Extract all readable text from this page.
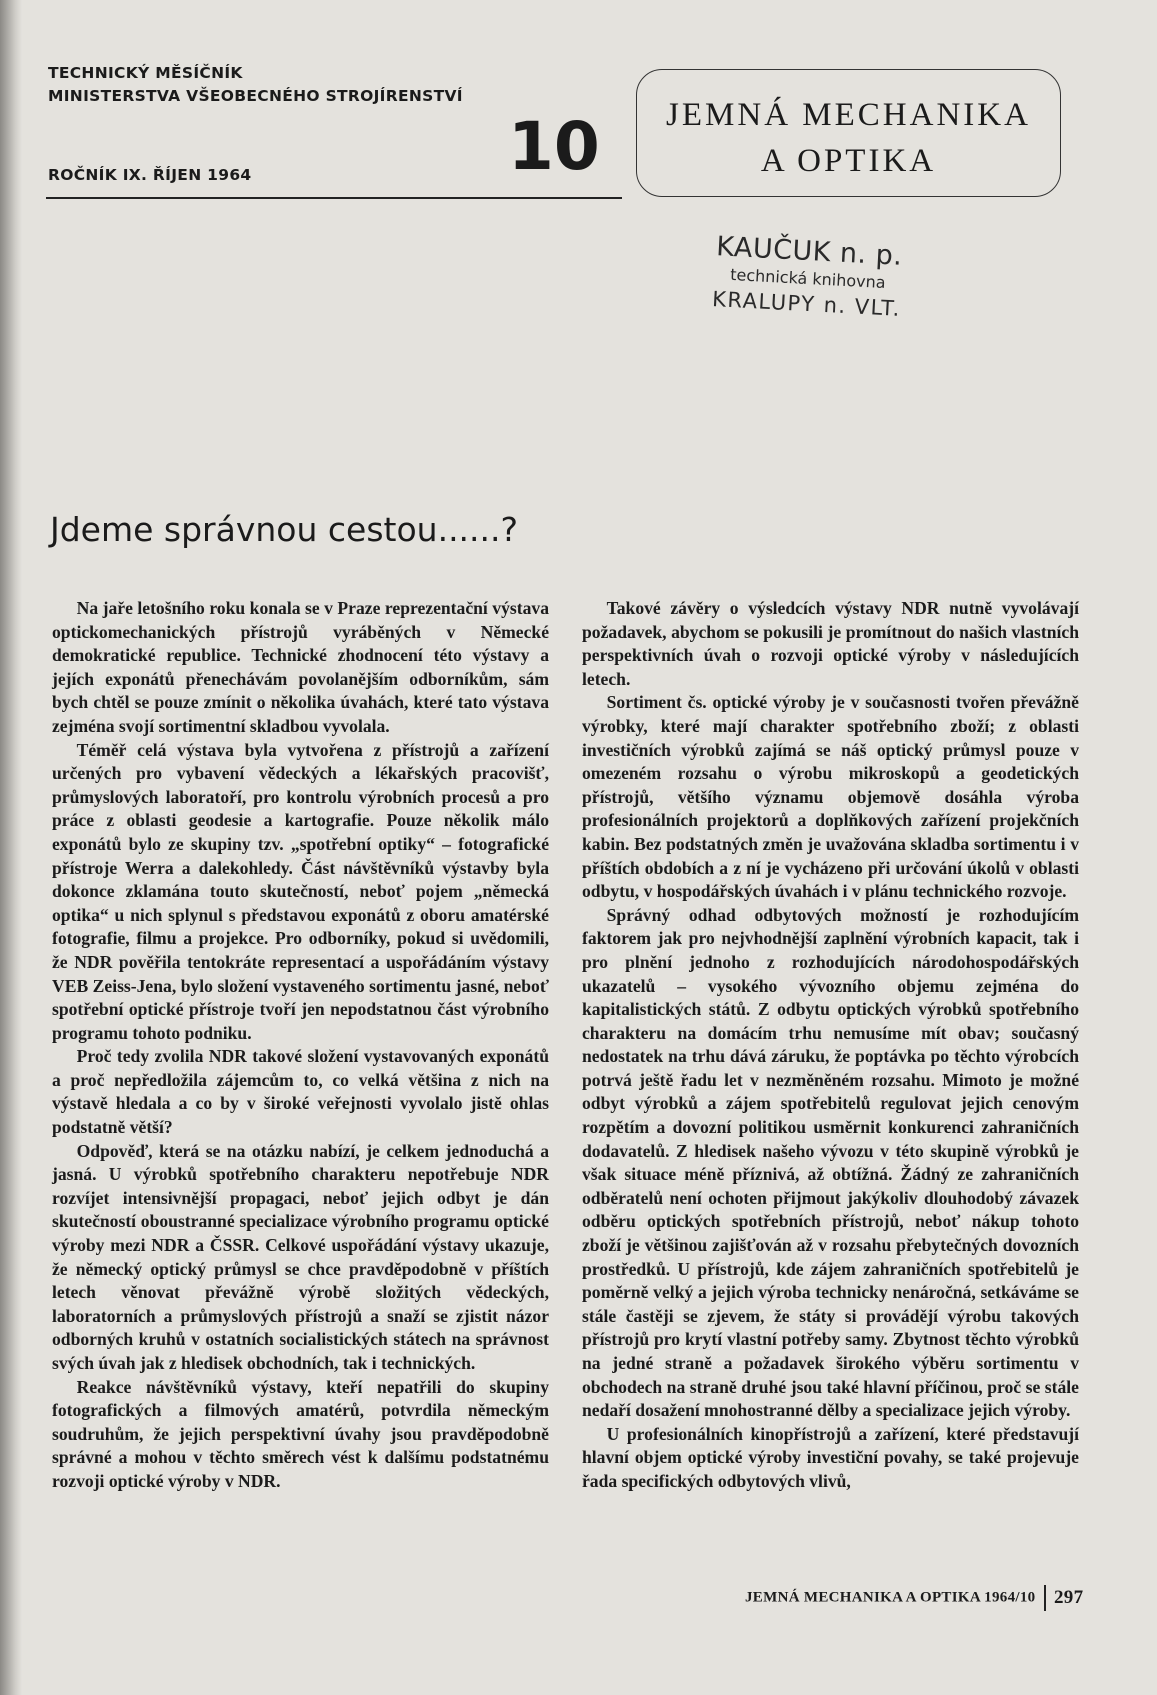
TECHNICKÝ MĚSÍČNÍK
MINISTERSTVA VŠEOBECNÉHO STROJÍRENSTVÍ
ROČNÍK IX. ŘÍJEN 1964	10	JEMNÁ MECHANIKA
A OPTIKA
KAUČUK n. p.
technická knihovna
KRALUPY n. VLT.
Jdeme správnou cestou......?

Na jaře letošního roku konala se v Praze reprezentační výstava optickomechanických přístrojů vyráběných v Německé demokratické republice. Technické zhodnocení této výstavy a jejích exponátů přenechávám povolanějším odborníkům, sám bych chtěl se pouze zmínit o několika úvahách, které tato výstava zejména svojí sortimentní skladbou vyvolala.

Téměř celá výstava byla vytvořena z přístrojů a zařízení určených pro vybavení vědeckých a lékařských pracovišť, průmyslových laboratoří, pro kontrolu výrobních procesů a pro práce z oblasti geodesie a kartografie. Pouze několik málo exponátů bylo ze skupiny tzv. „spotřební optiky“ – fotografické přístroje Werra a dalekohledy. Část návštěvníků výstavby byla dokonce zklamána touto skutečností, neboť pojem „německá optika“ u nich splynul s představou exponátů z oboru amatérské fotografie, filmu a projekce. Pro odborníky, pokud si uvědomili, že NDR pověřila tentokráte representací a uspořádáním výstavy VEB Zeiss-Jena, bylo složení vystaveného sortimentu jasné, neboť spotřební optické přístroje tvoří jen nepodstatnou část výrobního programu tohoto podniku.

Proč tedy zvolila NDR takové složení vystavovaných exponátů a proč nepředložila zájemcům to, co velká většina z nich na výstavě hledala a co by v široké veřejnosti vyvolalo jistě ohlas podstatně větší?

Odpověď, která se na otázku nabízí, je celkem jednoduchá a jasná. U výrobků spotřebního charakteru nepotřebuje NDR rozvíjet intensivnější propagaci, neboť jejich odbyt je dán skutečností oboustranné specializace výrobního programu optické výroby mezi NDR a ČSSR. Celkové uspořádání výstavy ukazuje, že německý optický průmysl se chce pravděpodobně v příštích letech věnovat převážně výrobě složitých vědeckých, laboratorních a průmyslových přístrojů a snaží se zjistit názor odborných kruhů v ostatních socialistických státech na správnost svých úvah jak z hledisek obchodních, tak i technických.

Reakce návštěvníků výstavy, kteří nepatřili do skupiny fotografických a filmových amatérů, potvrdila německým soudruhům, že jejich perspektivní úvahy jsou pravděpodobně správné a mohou v těchto směrech vést k dalšímu podstatnému rozvoji optické výroby v NDR.

Takové závěry o výsledcích výstavy NDR nutně vyvolávají požadavek, abychom se pokusili je promítnout do našich vlastních perspektivních úvah o rozvoji optické výroby v následujících letech.

Sortiment čs. optické výroby je v současnosti tvořen převážně výrobky, které mají charakter spotřebního zboží; z oblasti investičních výrobků zajímá se náš optický průmysl pouze v omezeném rozsahu o výrobu mikroskopů a geodetických přístrojů, většího významu objemově dosáhla výroba profesionálních projektorů a doplňkových zařízení projekčních kabin. Bez podstatných změn je uvažována skladba sortimentu i v příštích obdobích a z ní je vycházeno při určování úkolů v oblasti odbytu, v hospodářských úvahách i v plánu technického rozvoje.

Správný odhad odbytových možností je rozhodujícím faktorem jak pro nejvhodnější zaplnění výrobních kapacit, tak i pro plnění jednoho z rozhodujících národohospodářských ukazatelů – vysokého vývozního objemu zejména do kapitalistických států. Z odbytu optických výrobků spotřebního charakteru na domácím trhu nemusíme mít obav; současný nedostatek na trhu dává záruku, že poptávka po těchto výrobcích potrvá ještě řadu let v nezměněném rozsahu. Mimoto je možné odbyt výrobků a zájem spotřebitelů regulovat jejich cenovým rozpětím a dovozní politikou usměrnit konkurenci zahraničních dodavatelů. Z hledisek našeho vývozu v této skupině výrobků je však situace méně příznivá, až obtížná. Žádný ze zahraničních odběratelů není ochoten přijmout jakýkoliv dlouhodobý závazek odběru optických spotřebních přístrojů, neboť nákup tohoto zboží je většinou zajišťován až v rozsahu přebytečných dovozních prostředků. U přístrojů, kde zájem zahraničních spotřebitelů je poměrně velký a jejich výroba technicky nenáročná, setkáváme se stále častěji se zjevem, že státy si provádějí výrobu takových přístrojů pro krytí vlastní potřeby samy. Zbytnost těchto výrobků na jedné straně a požadavek širokého výběru sortimentu v obchodech na straně druhé jsou také hlavní příčinou, proč se stále nedaří dosažení mnohostranné dělby a specializace jejich výroby.

U profesionálních kinopřístrojů a zařízení, které představují hlavní objem optické výroby investiční povahy, se také projevuje řada specifických odbytových vlivů,

JEMNÁ MECHANIKA A OPTIKA 1964/10 297
